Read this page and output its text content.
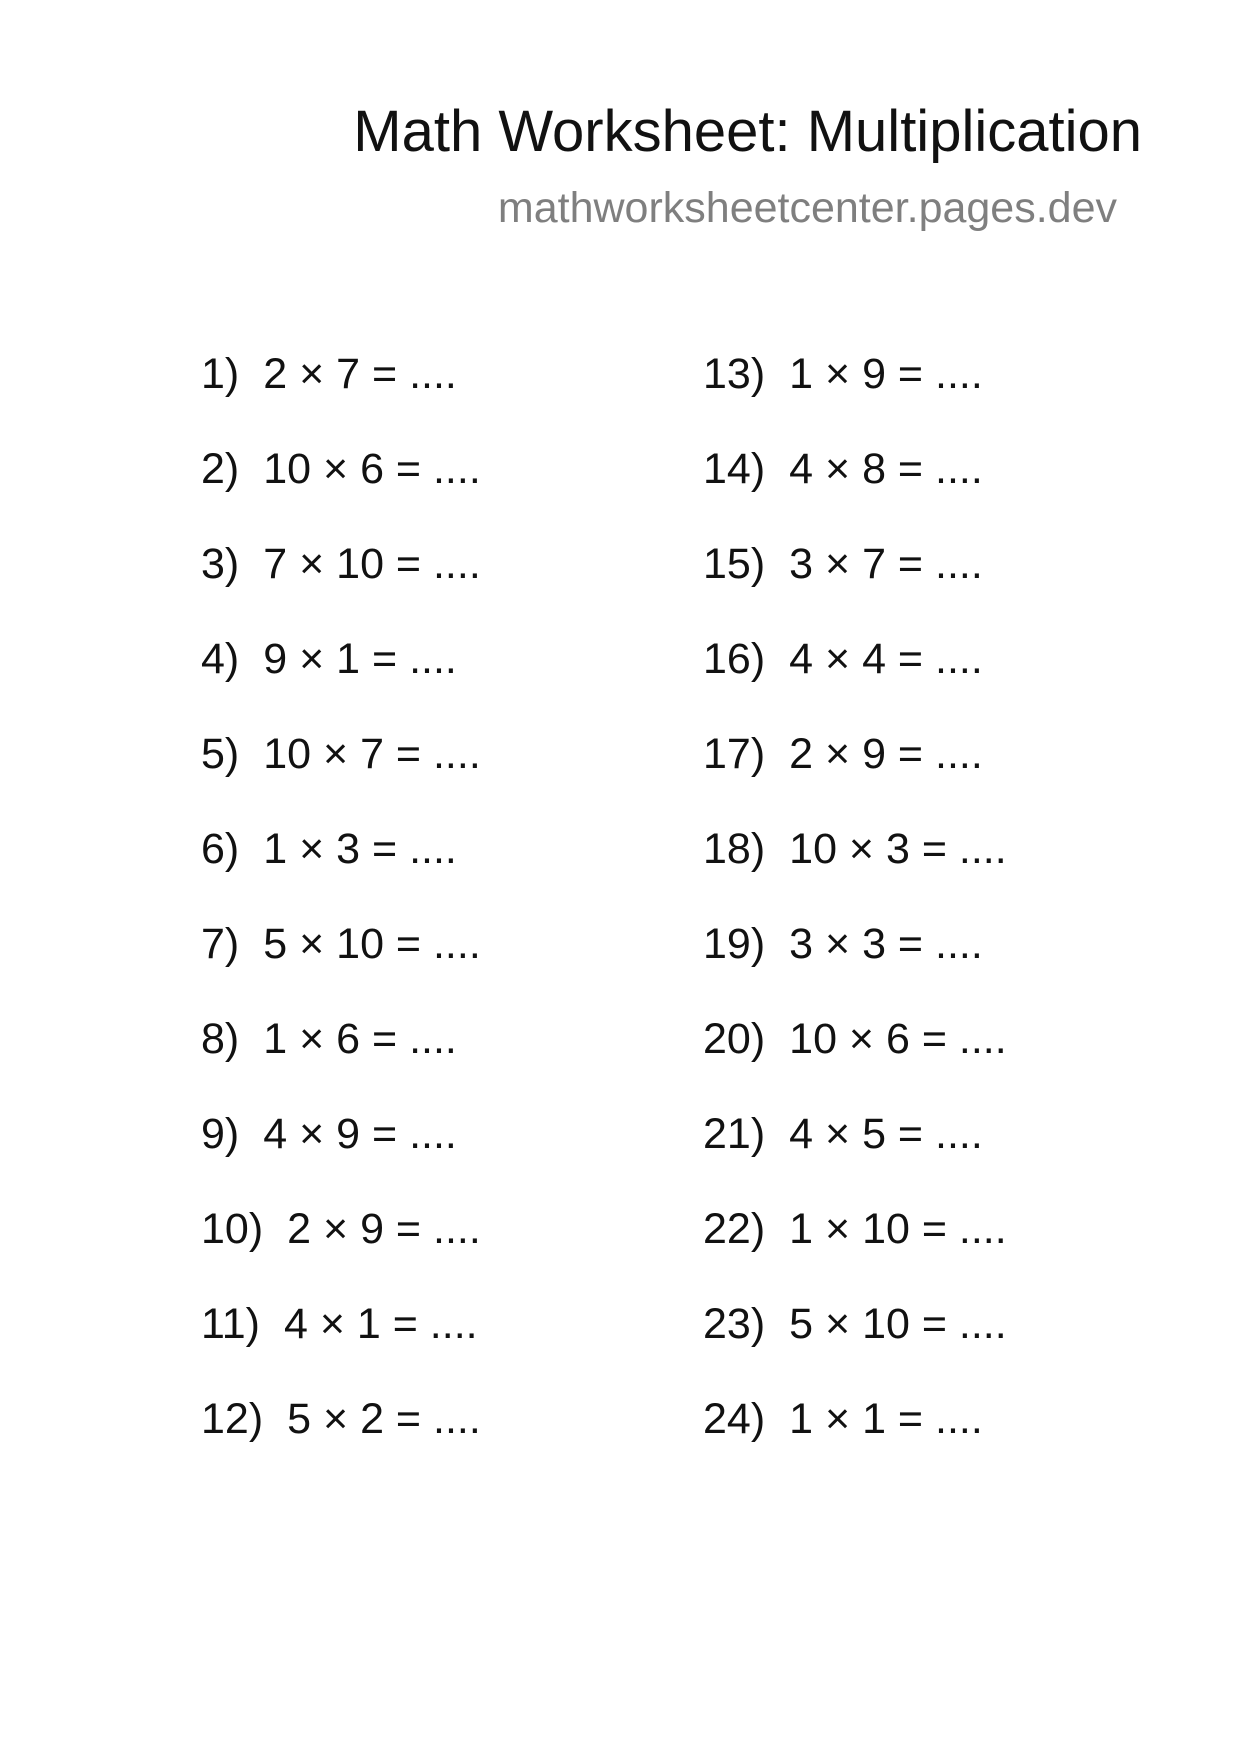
Math Worksheet: Multiplication
mathworksheetcenter.pages.dev
1) 2 × 7 = ....
2) 10 × 6 = ....
3) 7 × 10 = ....
4) 9 × 1 = ....
5) 10 × 7 = ....
6) 1 × 3 = ....
7) 5 × 10 = ....
8) 1 × 6 = ....
9) 4 × 9 = ....
10) 2 × 9 = ....
11) 4 × 1 = ....
12) 5 × 2 = ....
13) 1 × 9 = ....
14) 4 × 8 = ....
15) 3 × 7 = ....
16) 4 × 4 = ....
17) 2 × 9 = ....
18) 10 × 3 = ....
19) 3 × 3 = ....
20) 10 × 6 = ....
21) 4 × 5 = ....
22) 1 × 10 = ....
23) 5 × 10 = ....
24) 1 × 1 = ....
